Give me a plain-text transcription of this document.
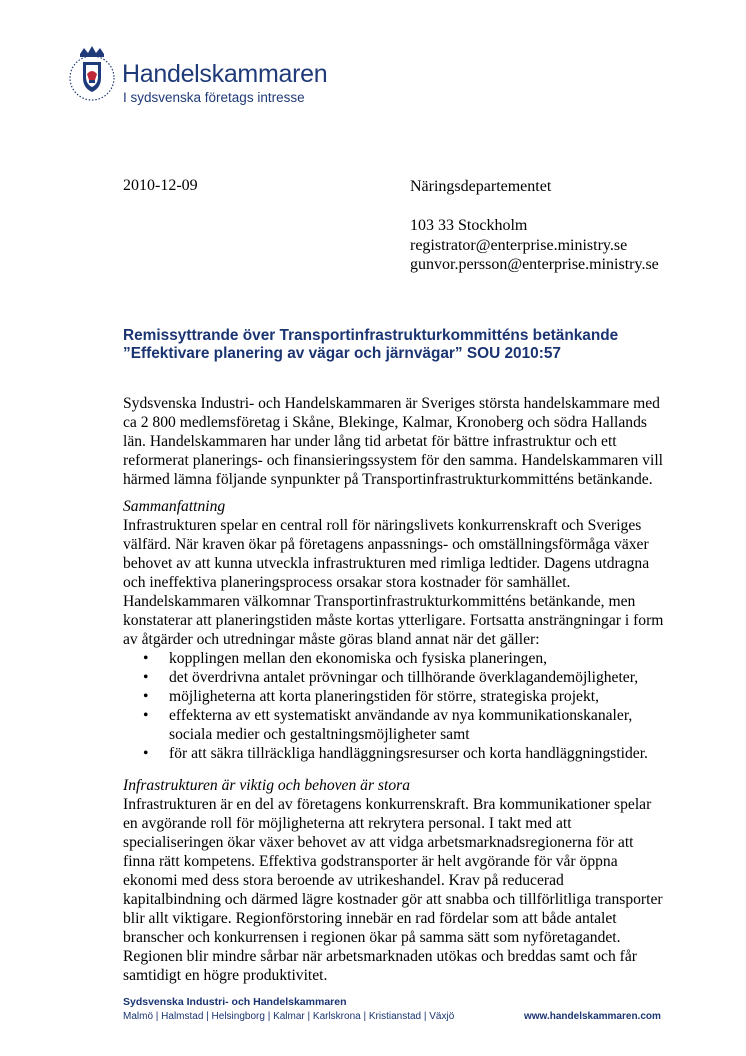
Handelskammaren
I sydsvenska företags intresse
2010-12-09	Näringsdepartementet

103 33 Stockholm
registrator@enterprise.ministry.se
gunvor.persson@enterprise.ministry.se
Remissyttrande över Transportinfrastrukturkommitténs betänkande
”Effektivare planering av vägar och järnvägar” SOU 2010:57
Sydsvenska Industri- och Handelskammaren är Sveriges största handelskammare med
ca 2 800 medlemsföretag i Skåne, Blekinge, Kalmar, Kronoberg och södra Hallands
län. Handelskammaren har under lång tid arbetat för bättre infrastruktur och ett
reformerat planerings- och finansieringssystem för den samma. Handelskammaren vill
härmed lämna följande synpunkter på Transportinfrastrukturkommitténs betänkande.
Sammanfattning
Infrastrukturen spelar en central roll för näringslivets konkurrenskraft och Sveriges
välfärd. När kraven ökar på företagens anpassnings- och omställningsförmåga växer
behovet av att kunna utveckla infrastrukturen med rimliga ledtider. Dagens utdragna
och ineffektiva planeringsprocess orsakar stora kostnader för samhället.
Handelskammaren välkomnar Transportinfrastrukturkommitténs betänkande, men
konstaterar att planeringstiden måste kortas ytterligare. Fortsatta ansträngningar i form
av åtgärder och utredningar måste göras bland annat när det gäller:
• kopplingen mellan den ekonomiska och fysiska planeringen,
• det överdrivna antalet prövningar och tillhörande överklagandemöjligheter,
• möjligheterna att korta planeringstiden för större, strategiska projekt,
• effekterna av ett systematiskt användande av nya kommunikationskanaler,
sociala medier och gestaltningsmöjligheter samt
• för att säkra tillräckliga handläggningsresurser och korta handläggningstider.
Infrastrukturen är viktig och behoven är stora
Infrastrukturen är en del av företagens konkurrenskraft. Bra kommunikationer spelar
en avgörande roll för möjligheterna att rekrytera personal. I takt med att
specialiseringen ökar växer behovet av att vidga arbetsmarknadsregionerna för att
finna rätt kompetens. Effektiva godstransporter är helt avgörande för vår öppna
ekonomi med dess stora beroende av utrikeshandel. Krav på reducerad
kapitalbindning och därmed lägre kostnader gör att snabba och tillförlitliga transporter
blir allt viktigare. Regionförstoring innebär en rad fördelar som att både antalet
branscher och konkurrensen i regionen ökar på samma sätt som nyföretagandet.
Regionen blir mindre sårbar när arbetsmarknaden utökas och breddas samt och får
samtidigt en högre produktivitet.
Sydsvenska Industri- och Handelskammaren
Malmö | Halmstad | Helsingborg | Kalmar | Karlskrona | Kristianstad | Växjö	www.handelskammaren.com
